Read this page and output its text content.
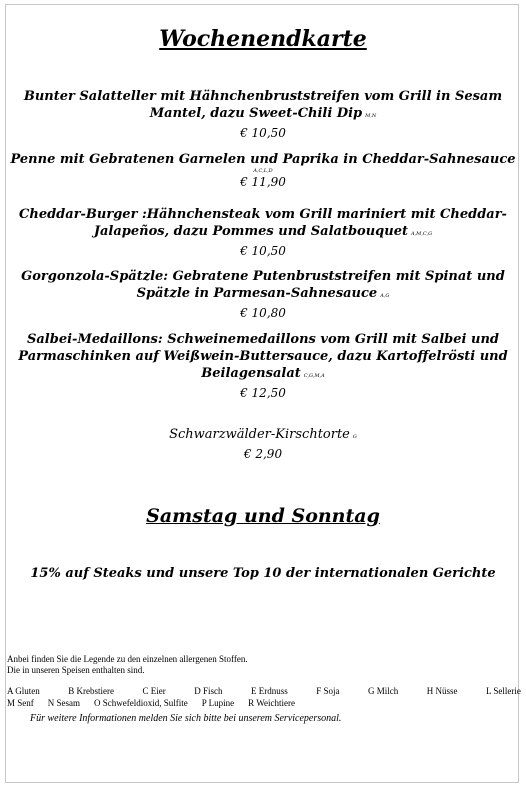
Wochenendkarte
Bunter Salatteller mit Hähnchenbruststreifen vom Grill in Sesam Mantel, dazu Sweet-Chili Dip M,N
€ 10,50
Penne mit Gebratenen Garnelen und Paprika in Cheddar-Sahnesauce

A,C,L,D
€ 11,90
Cheddar-Burger :Hähnchensteak vom Grill mariniert mit Cheddar-Jalapeños, dazu Pommes und Salatbouquet A,M,C,G
€ 10,50
Gorgonzola-Spätzle: Gebratene Putenbruststreifen mit Spinat und Spätzle in Parmesan-Sahnesauce A,G
€ 10,80
Salbei-Medaillons: Schweinemedaillons vom Grill mit Salbei und Parmaschinken auf Weißwein-Buttersauce, dazu Kartoffelrösti und Beilagensalat C,G,M,A
€ 12,50
Schwarzwälder-Kirschtorte G
€ 2,90
Samstag und Sonntag
15% auf Steaks und unsere Top 10 der internationalen Gerichte
Anbei finden Sie die Legende zu den einzelnen allergenen Stoffen.
Die in unseren Speisen enthalten sind.
A Gluten	B Krebstiere	C Eier	D Fisch	E Erdnuss	F Soja	G Milch	H Nüsse	L Sellerie
M Senf N Sesam O Schwefeldioxid, Sulfite P Lupine R Weichtiere
Für weitere Informationen melden Sie sich bitte bei unserem Servicepersonal.
